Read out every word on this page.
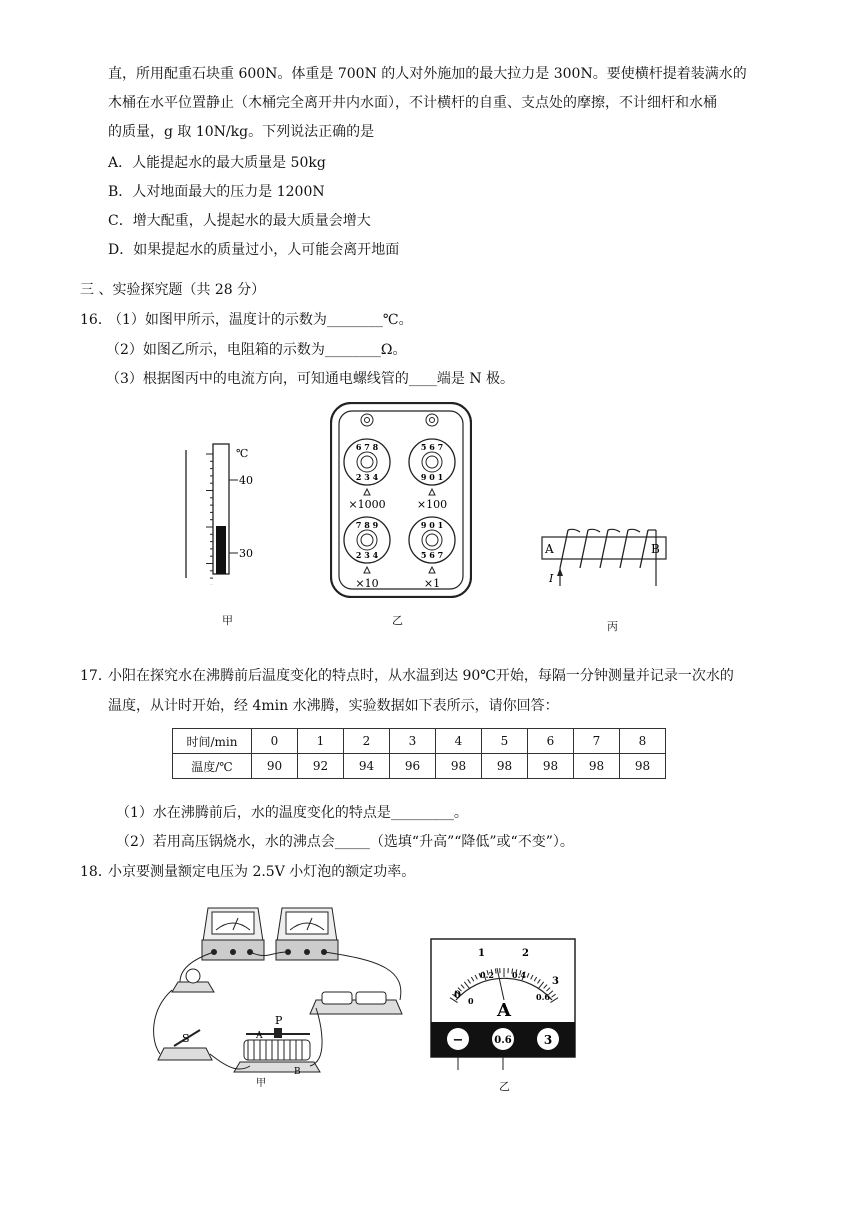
直，所用配重石块重 600N。体重是 700N 的人对外施加的最大拉力是 300N。要使横杆提着装满水的
木桶在水平位置静止（木桶完全离开井内水面），不计横杆的自重、支点处的摩擦，不计细杆和水桶
的质量，g 取 10N/kg。下列说法正确的是
A．人能提起水的最大质量是 50kg
B．人对地面最大的压力是 1200N
C．增大配重，人提起水的最大质量会增大
D．如果提起水的质量过小，人可能会离开地面
三 、实验探究题（共 28 分）
16．
（1）如图甲所示，温度计的示数为________℃。
（2）如图乙所示，电阻箱的示数为________Ω。
（3）根据图丙中的电流方向，可知通电螺线管的____端是 N 极。
℃
40
30
甲
6 7 8
2 3 4
5 6 7
9 0 1
×1000	×100
7 8 9
2 3 4
9 0 1
5 6 7
×10	×1
乙
A	B
I
丙
17．
小阳在探究水在沸腾前后温度变化的特点时，从水温到达 90℃开始，每隔一分钟测量并记录一次水的
温度，从计时开始，经 4min 水沸腾，实验数据如下表所示，请你回答：
时间/min	0	1	2	3	4	5	6	7	8
温度/℃	90	92	94	96	98	98	98	98	98
（1）水在沸腾前后，水的温度变化的特点是_________。
（2）若用高压锅烧水，水的沸点会_____（选填“升高”“降低”或“不变”）。
18．
小京要测量额定电压为 2.5V 小灯泡的额定功率。
S
P
A
B
甲
0
1	2
3
0
0.2 0.4
0.6
A
−	0.6	3
乙
